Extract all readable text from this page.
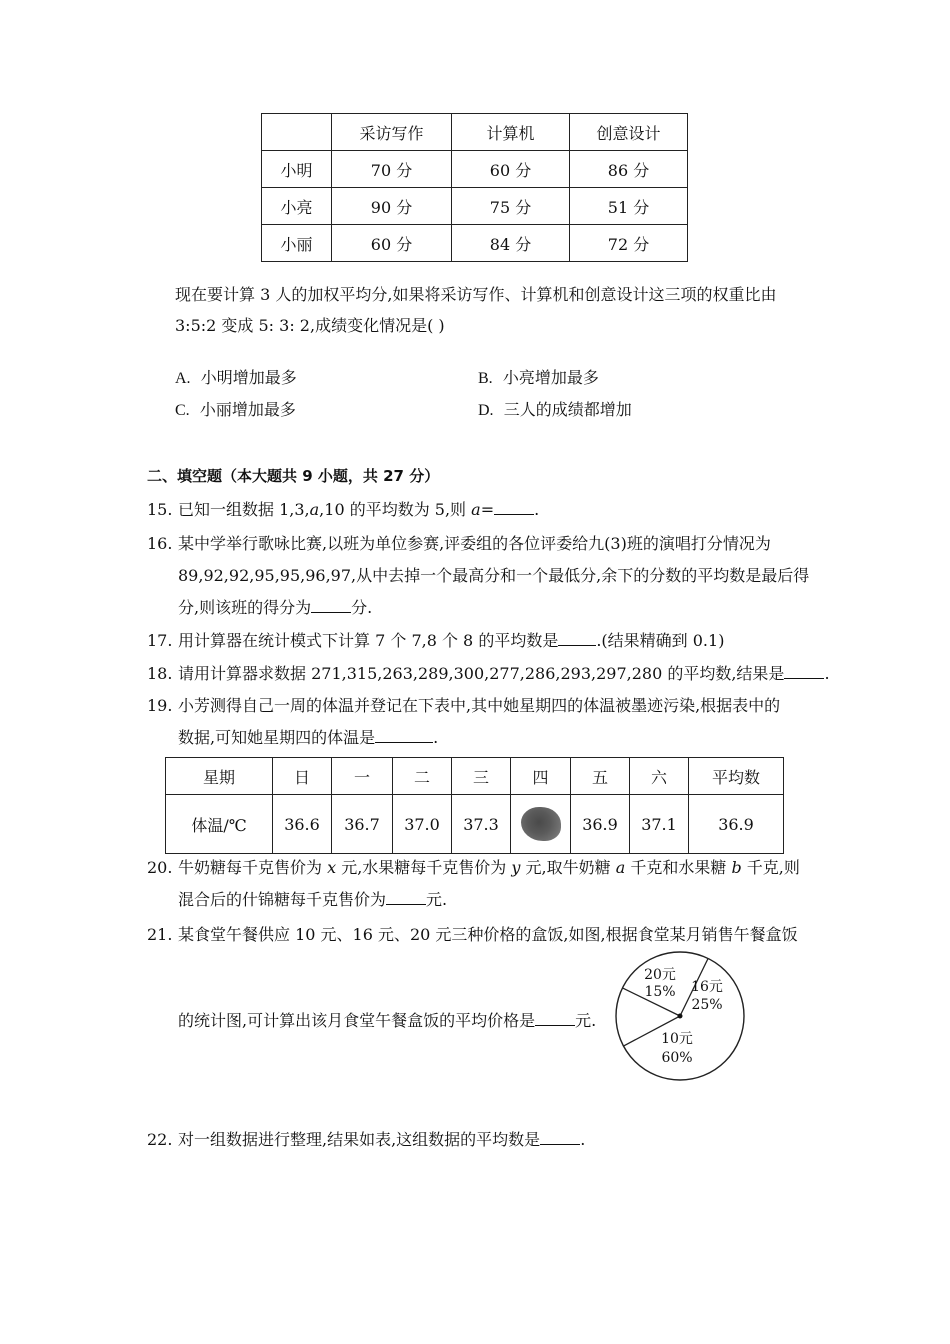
	采访写作	计算机	创意设计
小明	70 分	60 分	86 分
小亮	90 分	75 分	51 分
小丽	60 分	84 分	72 分
现在要计算 3 人的加权平均分,如果将采访写作、计算机和创意设计这三项的权重比由
3:5:2 变成 5: 3: 2,成绩变化情况是( )
A. 小明增加最多	B. 小亮增加最多
C. 小丽增加最多	D. 三人的成绩都增加
二、填空题（本大题共 9 小题，共 27 分）
15. 已知一组数据 1,3,a,10 的平均数为 5,则 a=	.
16. 某中学举行歌咏比赛,以班为单位参赛,评委组的各位评委给九(3)班的演唱打分情况为
89,92,92,95,95,96,97,从中去掉一个最高分和一个最低分,余下的分数的平均数是最后得
分,则该班的得分为	分.
17. 用计算器在统计模式下计算 7 个 7,8 个 8 的平均数是 .(结果精确到 0.1)
18. 请用计算器求数据 271,315,263,289,300,277,286,293,297,280 的平均数,结果是	.
19. 小芳测得自己一周的体温并登记在下表中,其中她星期四的体温被墨迹污染,根据表中的
数据,可知她星期四的体温是	.
星期	日	一	二	三	四	五	六	平均数
体温/℃	36.6	36.7	37.0	37.3		36.9	37.1	36.9
20. 牛奶糖每千克售价为 x 元,水果糖每千克售价为 y 元,取牛奶糖 a 千克和水果糖 b 千克,则
混合后的什锦糖每千克售价为	元.
21. 某食堂午餐供应 10 元、16 元、20 元三种价格的盒饭,如图,根据食堂某月销售午餐盒饭
的统计图,可计算出该月食堂午餐盒饭的平均价格是	元.
20元
15% 16元
25%
10元
60%
22. 对一组数据进行整理,结果如表,这组数据的平均数是	.
